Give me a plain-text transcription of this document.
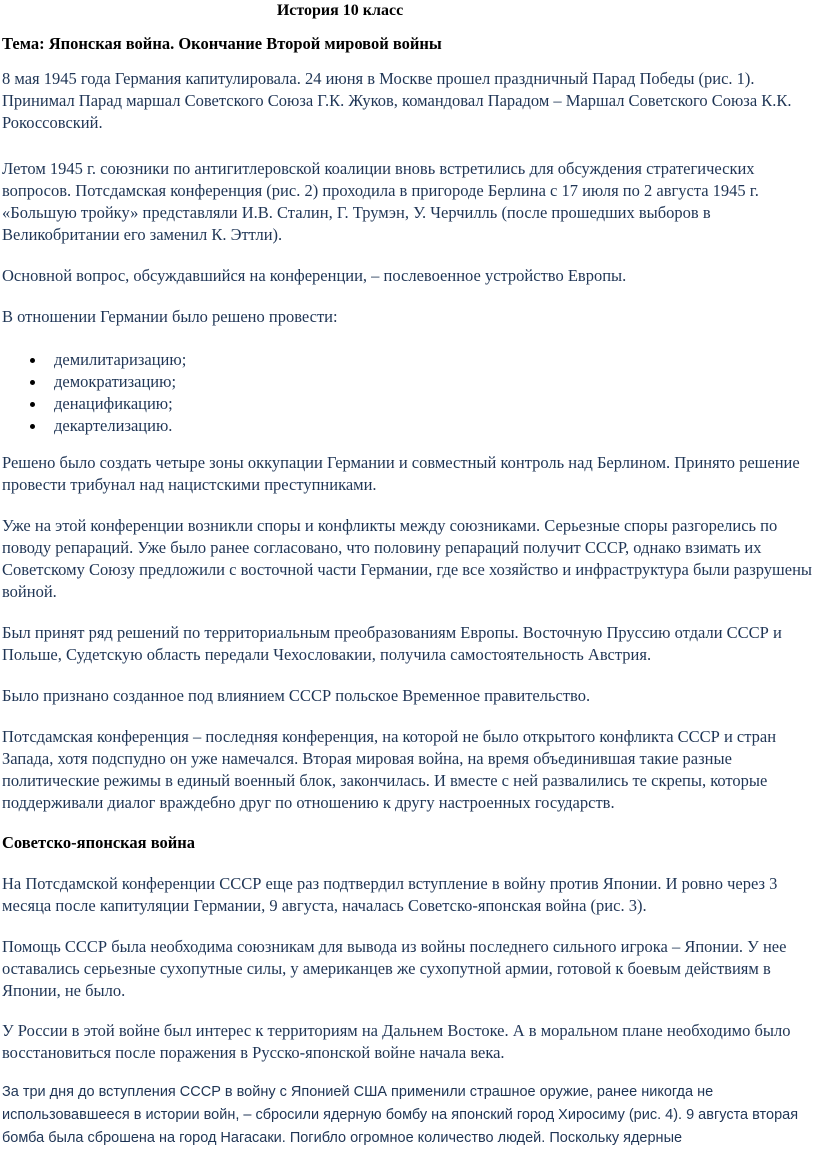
История 10 класс
Тема: Японская война. Окончание Второй мировой войны

8 мая 1945 года Германия капитулировала. 24 июня в Москве прошел праздничный Парад Победы (рис. 1). Принимал Парад маршал Советского Союза Г.К. Жуков, командовал Парадом – Маршал Советского Союза К.К. Рокоссовский.

Летом 1945 г. союзники по антигитлеровской коалиции вновь встретились для обсуждения стратегических вопросов. Потсдамская конференция (рис. 2) проходила в пригороде Берлина с 17 июля по 2 августа 1945 г. «Большую тройку» представляли И.В. Сталин, Г. Трумэн, У. Черчилль (после прошедших выборов в Великобритании его заменил К. Эттли).

Основной вопрос, обсуждавшийся на конференции, – послевоенное устройство Европы.

В отношении Германии было решено провести:

демилитаризацию;
демократизацию;
денацификацию;
декартелизацию.

Решено было создать четыре зоны оккупации Германии и совместный контроль над Берлином. Принято решение провести трибунал над нацистскими преступниками.

Уже на этой конференции возникли споры и конфликты между союзниками. Серьезные споры разгорелись по поводу репараций. Уже было ранее согласовано, что половину репараций получит СССР, однако взимать их Советскому Союзу предложили с восточной части Германии, где все хозяйство и инфраструктура были разрушены войной.

Был принят ряд решений по территориальным преобразованиям Европы. Восточную Пруссию отдали СССР и Польше, Судетскую область передали Чехословакии, получила самостоятельность Австрия.

Было признано созданное под влиянием СССР польское Временное правительство.

Потсдамская конференция – последняя конференция, на которой не было открытого конфликта СССР и стран Запада, хотя подспудно он уже намечался. Вторая мировая война, на время объединившая такие разные политические режимы в единый военный блок, закончилась. И вместе с ней развалились те скрепы, которые поддерживали диалог враждебно друг по отношению к другу настроенных государств.

Советско-японская война

На Потсдамской конференции СССР еще раз подтвердил вступление в войну против Японии. И ровно через 3 месяца после капитуляции Германии, 9 августа, началась Советско-японская война (рис. 3).

Помощь СССР была необходима союзникам для вывода из войны последнего сильного игрока – Японии. У нее оставались серьезные сухопутные силы, у американцев же сухопутной армии, готовой к боевым действиям в Японии, не было.

У России в этой войне был интерес к территориям на Дальнем Востоке. А в моральном плане необходимо было восстановиться после поражения в Русско-японской войне начала века.

За три дня до вступления СССР в войну с Японией США применили страшное оружие, ранее никогда не использовавшееся в истории войн, – сбросили ядерную бомбу на японский город Хиросиму (рис. 4). 9 августа вторая бомба была сброшена на город Нагасаки. Погибло огромное количество людей. Поскольку ядерные
